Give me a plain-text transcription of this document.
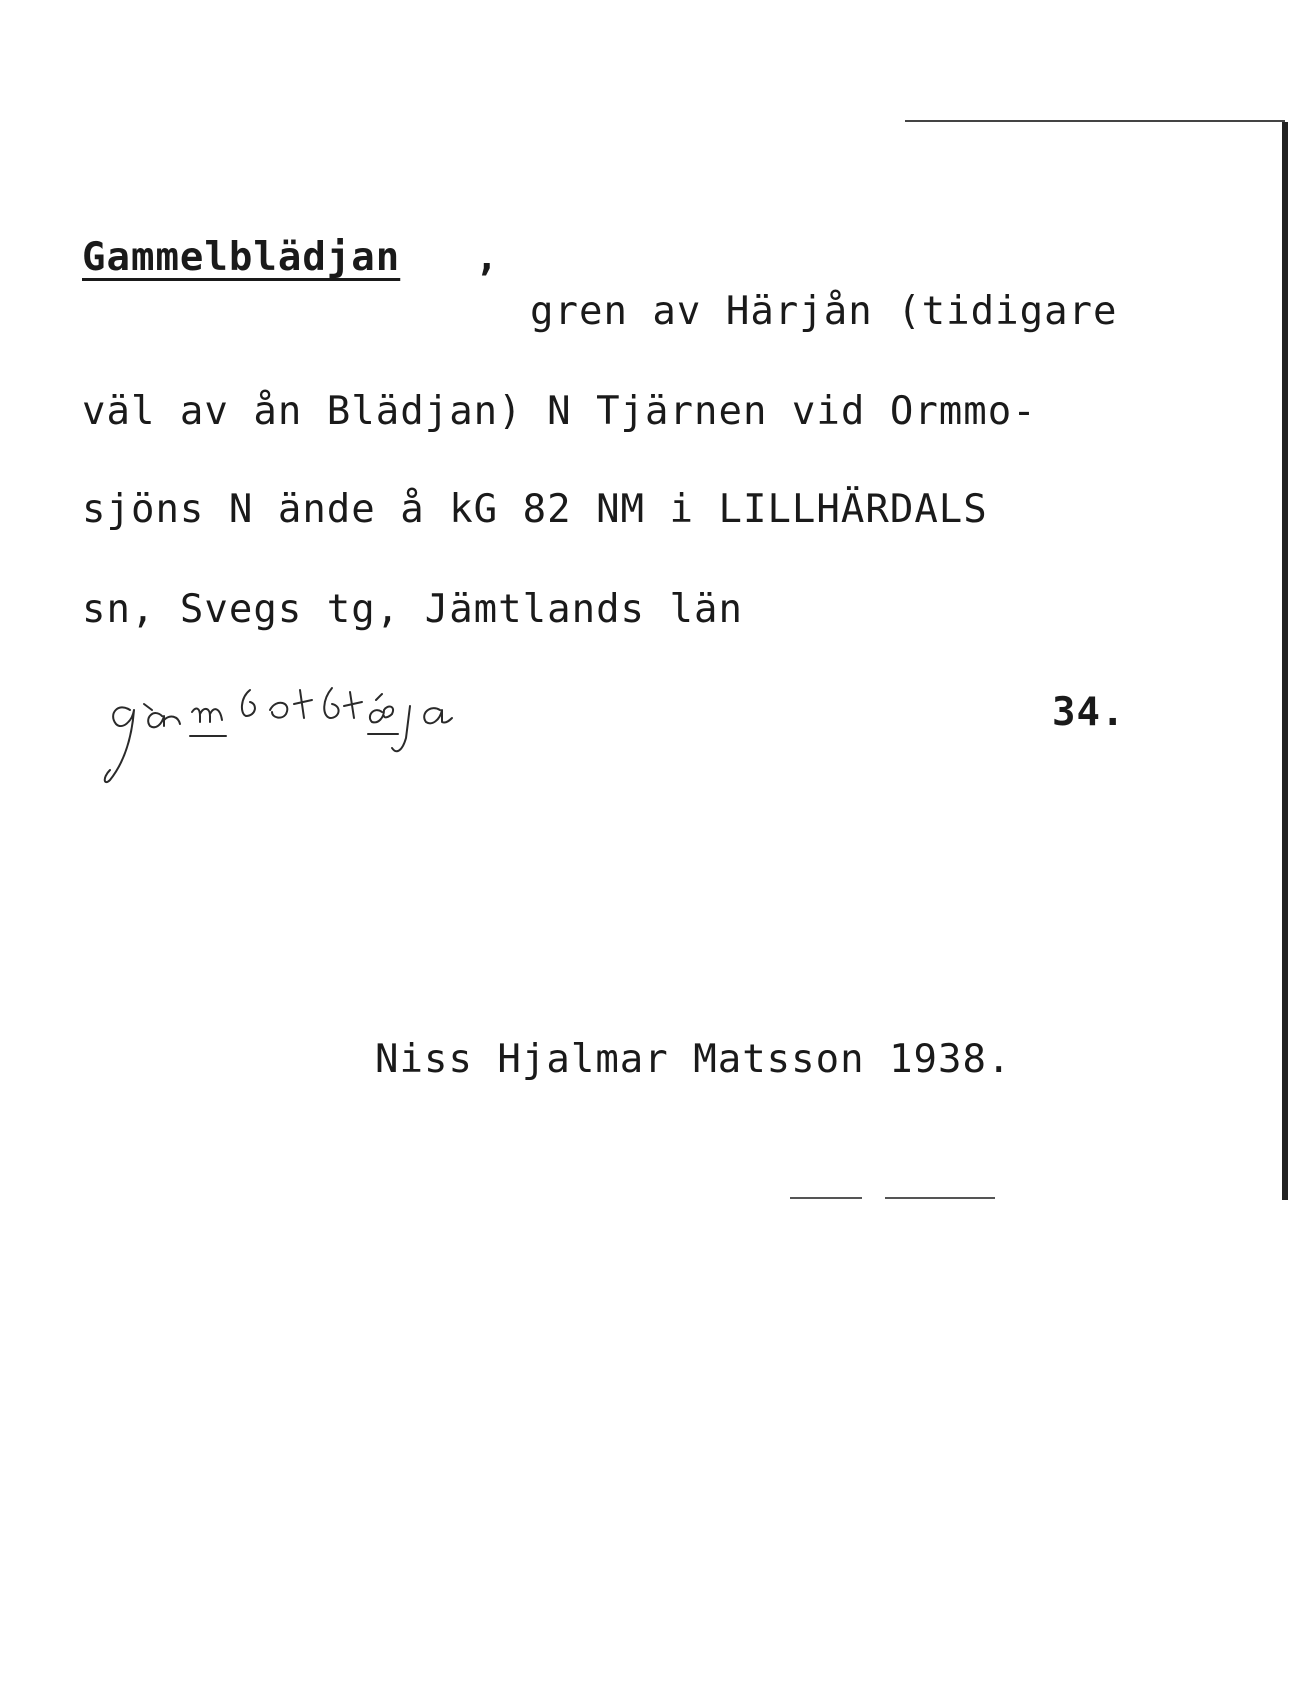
Gammelblädjan ,
gren av Härjån (tidigare
väl av ån Blädjan) N Tjärnen vid Ormmo-
sjöns N ände å kG 82 NM i LILLHÄRDALS
sn, Svegs tg, Jämtlands län
34.
Niss Hjalmar Matsson 1938.
